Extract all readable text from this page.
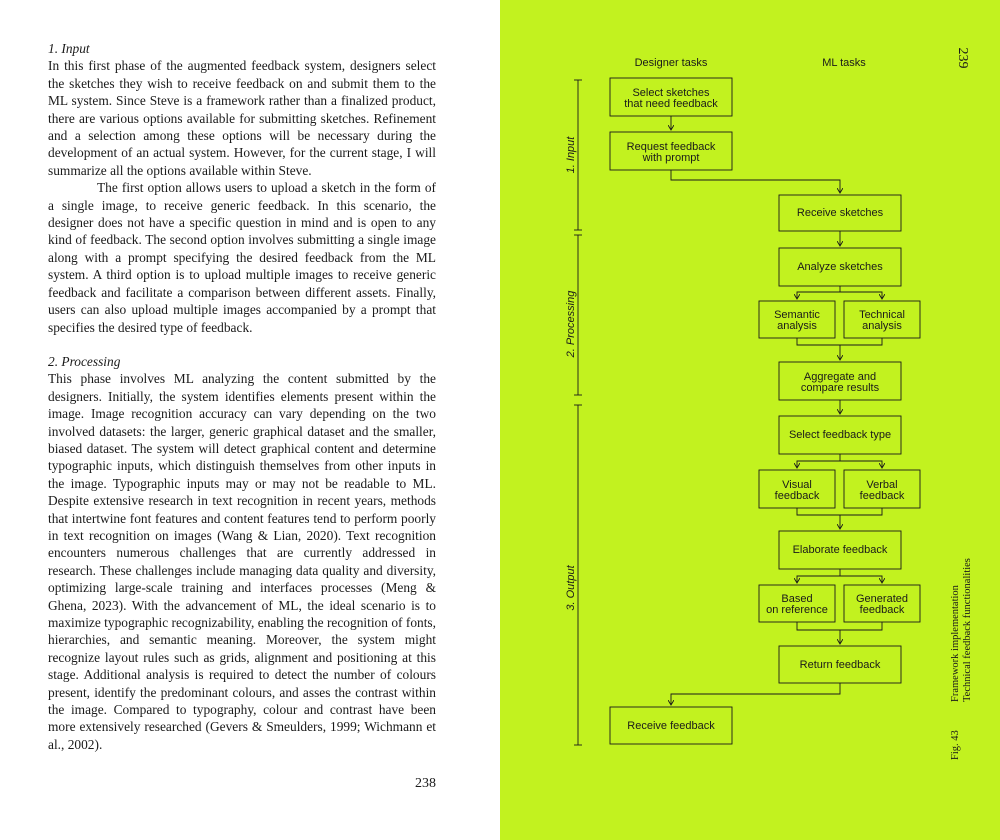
1. Input

In this first phase of the augmented feedback system, designers select the sketches they wish to receive feedback on and submit them to the ML system. Since Steve is a framework rather than a finalized product, there are various options available for submitting sketches. Refinement and a selection among these options will be necessary during the development of an actual system. However, for the current stage, I will summarize all the options available within Steve.

The first option allows users to upload a sketch in the form of a single image, to receive generic feedback. In this scenario, the designer does not have a specific question in mind and is open to any kind of feedback. The second option involves submitting a single image along with a prompt specifying the desired feedback from the ML system. A third option is to upload multiple images to receive generic feedback and facilitate a comparison between different assets. Finally, users can also upload multiple images accompanied by a prompt that specifies the desired type of feedback.

2. Processing

This phase involves ML analyzing the content submitted by the designers. Initially, the system identifies elements present within the image. Image recognition accuracy can vary depending on the two involved datasets: the larger, generic graphical dataset and the smaller, biased dataset. The system will detect graphical content and determine typographic inputs, which distinguish themselves from other inputs in the image. Typographic inputs may or may not be readable to ML. Despite extensive research in text recognition in recent years, methods that intertwine font features and content features tend to perform poorly in text recognition on images (Wang & Lian, 2020). Text recognition encounters numerous challenges that are currently addressed in research. These challenges include managing data quality and diversity, optimizing large-scale training and interfaces processes (Meng & Ghena, 2023). With the advancement of ML, the ideal scenario is to maximize typographic recognizability, enabling the recognition of fonts, hierarchies, and semantic meaning. Moreover, the system might recognize layout rules such as grids, alignment and positioning at this stage. Additional analysis is required to detect the number of colours present, identify the predominant colours, and asses the contrast within the image. Compared to typography, colour and contrast have been more extensively researched (Gevers & Smeulders, 1999; Wichmann et al., 2002).

238
Designer tasks	ML tasks
1. Input
2. Processing
3. Output
Select sketches
that need feedback
Request feedback
with prompt
Receive sketches
Analyze sketches
Semantic
analysis
Technical
analysis
Aggregate and
compare results
Select feedback type
Visual
feedback
Verbal
feedback
Elaborate feedback
Based
on reference
Generated
feedback
Return feedback
Receive feedback
239
Fig. 43
Framework implementation Technical feedback functionalities
